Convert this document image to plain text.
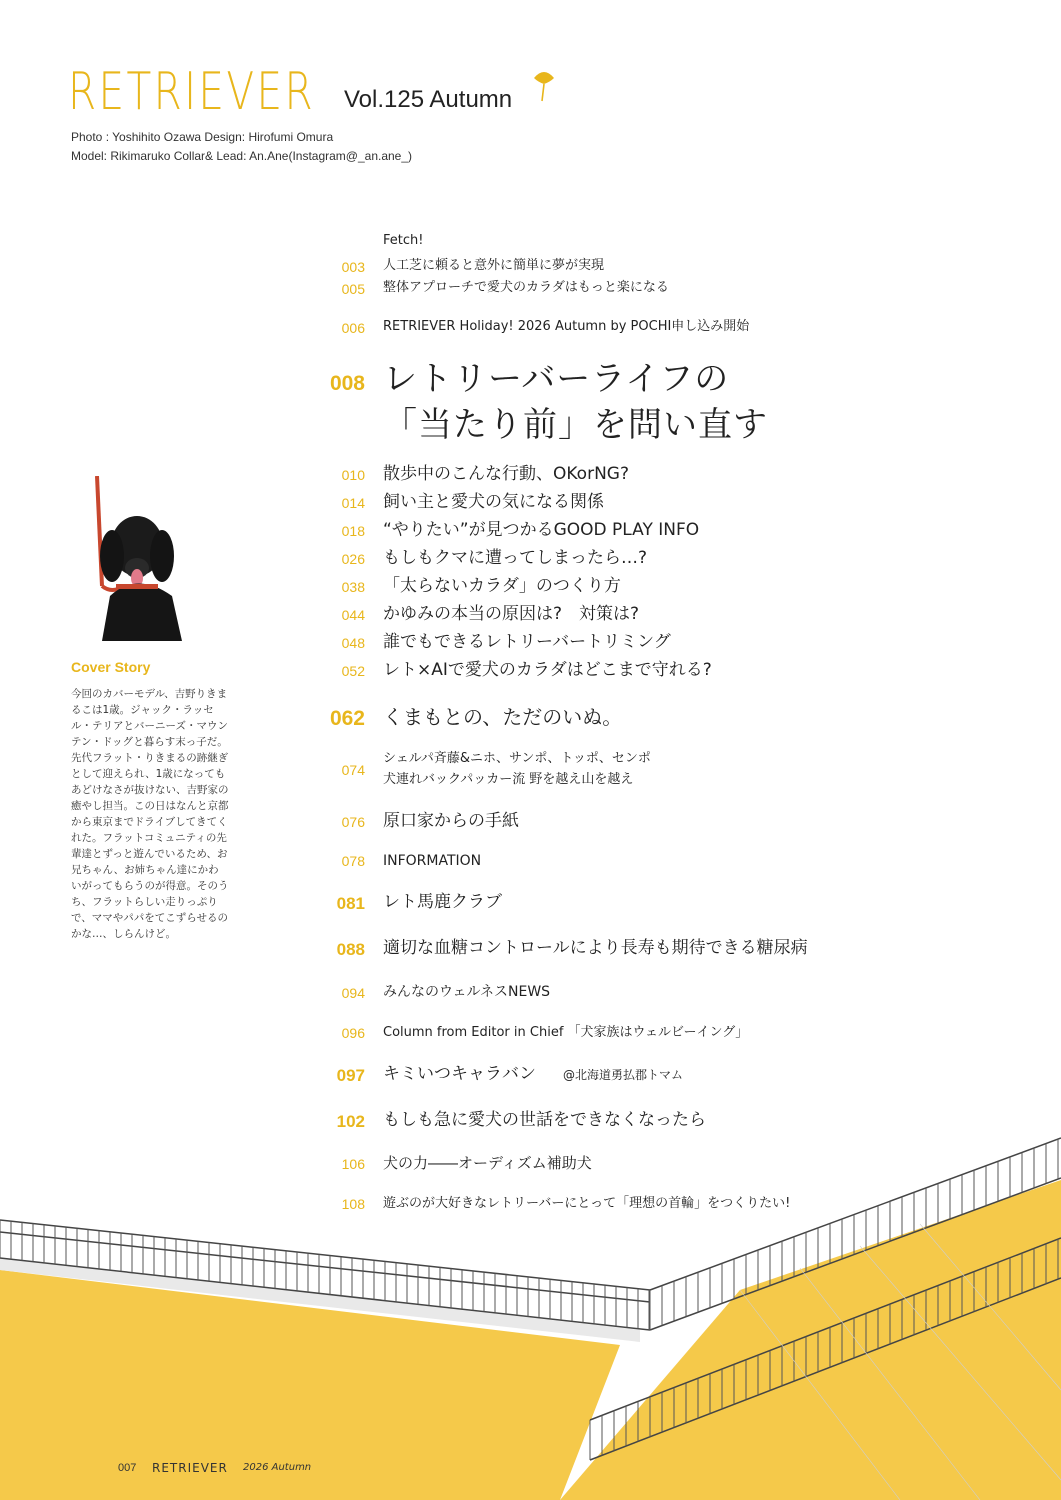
RETRIEVER Vol.125 Autumn
Photo : Yoshihito Ozawa Design: Hirofumi Omura
Model: Rikimaruko Collar& Lead: An.Ane(Instagram@_an.ane_)
Cover Story
今回のカバーモデル、吉野りきまるこは1歳。ジャック・ラッセル・テリアとバーニーズ・マウンテン・ドッグと暮らす末っ子だ。先代フラット・りきまるの跡継ぎとして迎えられ、1歳になってもあどけなさが抜けない、吉野家の癒やし担当。この日はなんと京都から東京までドライブしてきてくれた。フラットコミュニティの先輩達とずっと遊んでいるため、お兄ちゃん、お姉ちゃん達にかわいがってもらうのが得意。そのうち、フラットらしい走りっぷりで、ママやパパをてこずらせるのかな…、しらんけど。
Fetch!
003 人工芝に頼ると意外に簡単に夢が実現
005 整体アプローチで愛犬のカラダはもっと楽になる
006 RETRIEVER Holiday! 2026 Autumn by POCHI申し込み開始
008 レトリーバーライフの
「当たり前」を問い直す
010 散歩中のこんな行動、OKorNG?
014 飼い主と愛犬の気になる関係
018 “やりたい”が見つかるGOOD PLAY INFO
026 もしもクマに遭ってしまったら…?
038 「太らないカラダ」のつくり方
044 かゆみの本当の原因は?　対策は?
048 誰でもできるレトリーバートリミング
052 レト×AIで愛犬のカラダはどこまで守れる?
062 くまもとの、ただのいぬ。
074
シェルパ斉藤&ニホ、サンポ、トッポ、センポ
犬連れバックパッカー流 野を越え山を越え
076 原口家からの手紙
078 INFORMATION
081 レト馬鹿クラブ
088 適切な血糖コントロールにより長寿も期待できる糖尿病
094 みんなのウェルネスNEWS
096 Column from Editor in Chief 「犬家族はウェルビーイング」
097 キミいつキャラバン @北海道勇払郡トマム
102 もしも急に愛犬の世話をできなくなったら
106 犬の力――オーディズム補助犬
108 遊ぶのが大好きなレトリーバーにとって「理想の首輪」をつくりたい!
007 RETRIEVER 2026 Autumn
